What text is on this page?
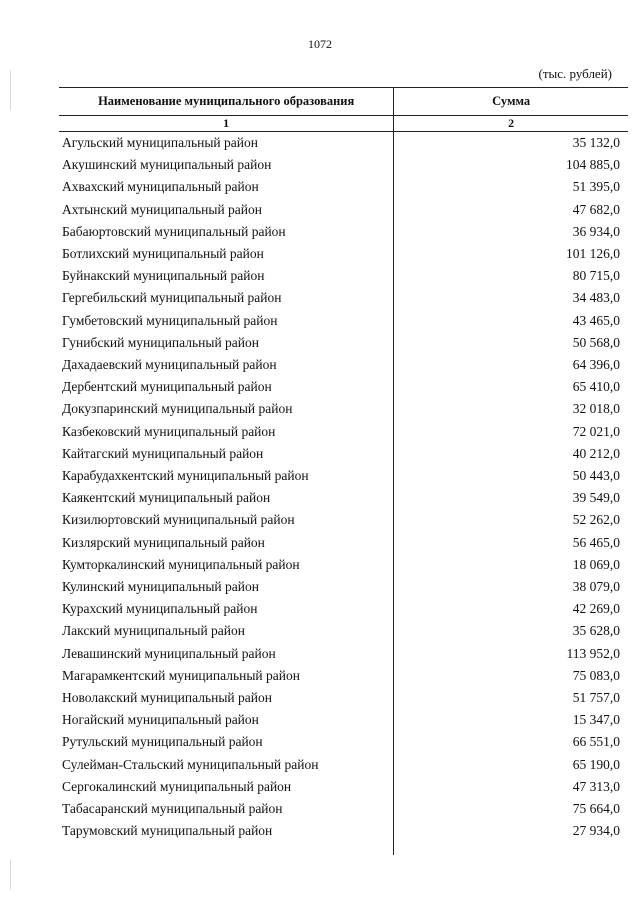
1072
(тыс. рублей)
Наименование муниципального образования	Сумма
1	2
Агульский муниципальный район	35 132,0
Акушинский муниципальный район	104 885,0
Ахвахский муниципальный район	51 395,0
Ахтынский муниципальный район	47 682,0
Бабаюртовский муниципальный район	36 934,0
Ботлихский муниципальный район	101 126,0
Буйнакский муниципальный район	80 715,0
Гергебильский муниципальный район	34 483,0
Гумбетовский муниципальный район	43 465,0
Гунибский муниципальный район	50 568,0
Дахадаевский муниципальный район	64 396,0
Дербентский муниципальный район	65 410,0
Докузпаринский муниципальный район	32 018,0
Казбековский муниципальный район	72 021,0
Кайтагский муниципальный район	40 212,0
Карабудахкентский муниципальный район	50 443,0
Каякентский муниципальный район	39 549,0
Кизилюртовский муниципальный район	52 262,0
Кизлярский муниципальный район	56 465,0
Кумторкалинский муниципальный район	18 069,0
Кулинский муниципальный район	38 079,0
Курахский муниципальный район	42 269,0
Лакский муниципальный район	35 628,0
Левашинский муниципальный район	113 952,0
Магарамкентский муниципальный район	75 083,0
Новолакский муниципальный район	51 757,0
Ногайский муниципальный район	15 347,0
Рутульский муниципальный район	66 551,0
Сулейман-Стальский муниципальный район	65 190,0
Сергокалинский муниципальный район	47 313,0
Табасаранский муниципальный район	75 664,0
Тарумовский муниципальный район	27 934,0
